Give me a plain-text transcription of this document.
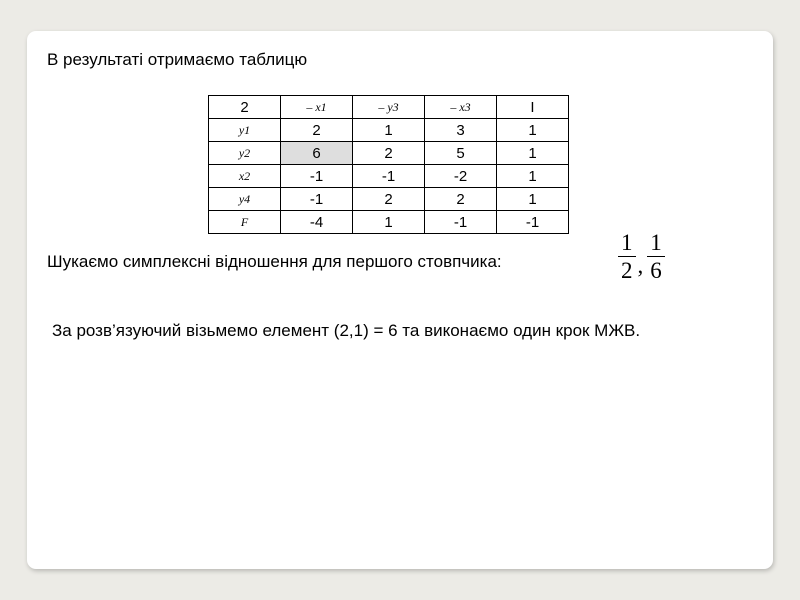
В результаті отримаємо таблицю
2	– x1	– y3	– x3	I
y1	2	1	3	1
y2	6	2	5	1
x2	-1	-1	-2	1
y4	-1	2	2	1
F	-4	1	-1	-1
Шукаємо симплексні відношення для першого стовпчика:	$\frac{1}{2}$ , $\frac{1}{6}$
За розв’язуючий візьмемо елемент (2,1) = 6 та виконаємо один крок МЖВ.
